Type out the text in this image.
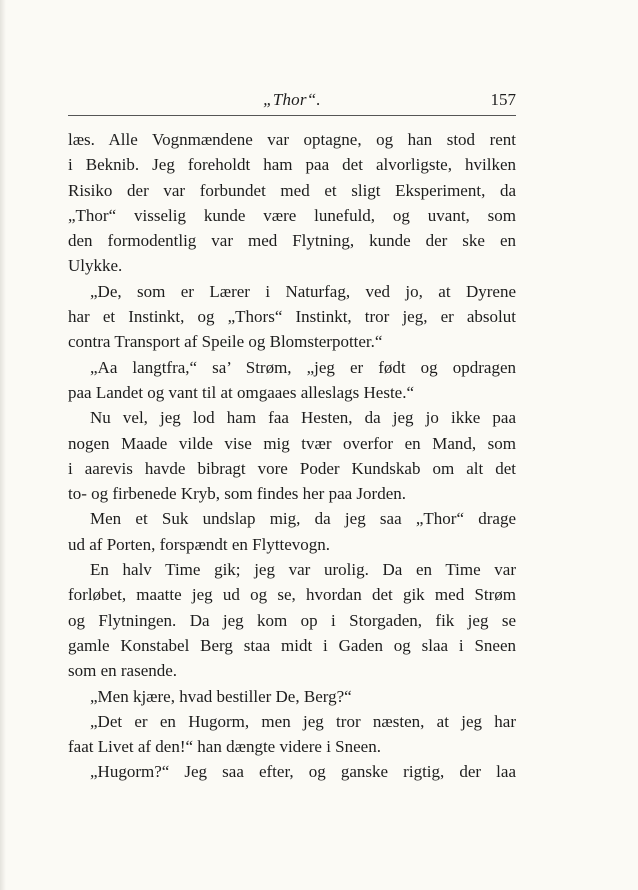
„Thor“.	157
læs. Alle Vognmændene var optagne, og han stod rent
i Beknib. Jeg foreholdt ham paa det alvorligste, hvilken
Risiko der var forbundet med et sligt Eksperiment, da
„Thor“ visselig kunde være lunefuld, og uvant, som
den formodentlig var med Flytning, kunde der ske en
Ulykke.
„De, som er Lærer i Naturfag, ved jo, at Dyrene
har et Instinkt, og „Thors“ Instinkt, tror jeg, er absolut
contra Transport af Speile og Blomsterpotter.“
„Aa langtfra,“ sa’ Strøm, „jeg er født og opdragen
paa Landet og vant til at omgaaes alleslags Heste.“
Nu vel, jeg lod ham faa Hesten, da jeg jo ikke paa
nogen Maade vilde vise mig tvær overfor en Mand, som
i aarevis havde bibragt vore Poder Kundskab om alt det
to- og firbenede Kryb, som findes her paa Jorden.
Men et Suk undslap mig, da jeg saa „Thor“ drage
ud af Porten, forspændt en Flyttevogn.
En halv Time gik; jeg var urolig. Da en Time var
forløbet, maatte jeg ud og se, hvordan det gik med Strøm
og Flytningen. Da jeg kom op i Storgaden, fik jeg se
gamle Konstabel Berg staa midt i Gaden og slaa i Sneen
som en rasende.
„Men kjære, hvad bestiller De, Berg?“
„Det er en Hugorm, men jeg tror næsten, at jeg har
faat Livet af den!“ han dængte videre i Sneen.
„Hugorm?“ Jeg saa efter, og ganske rigtig, der laa
